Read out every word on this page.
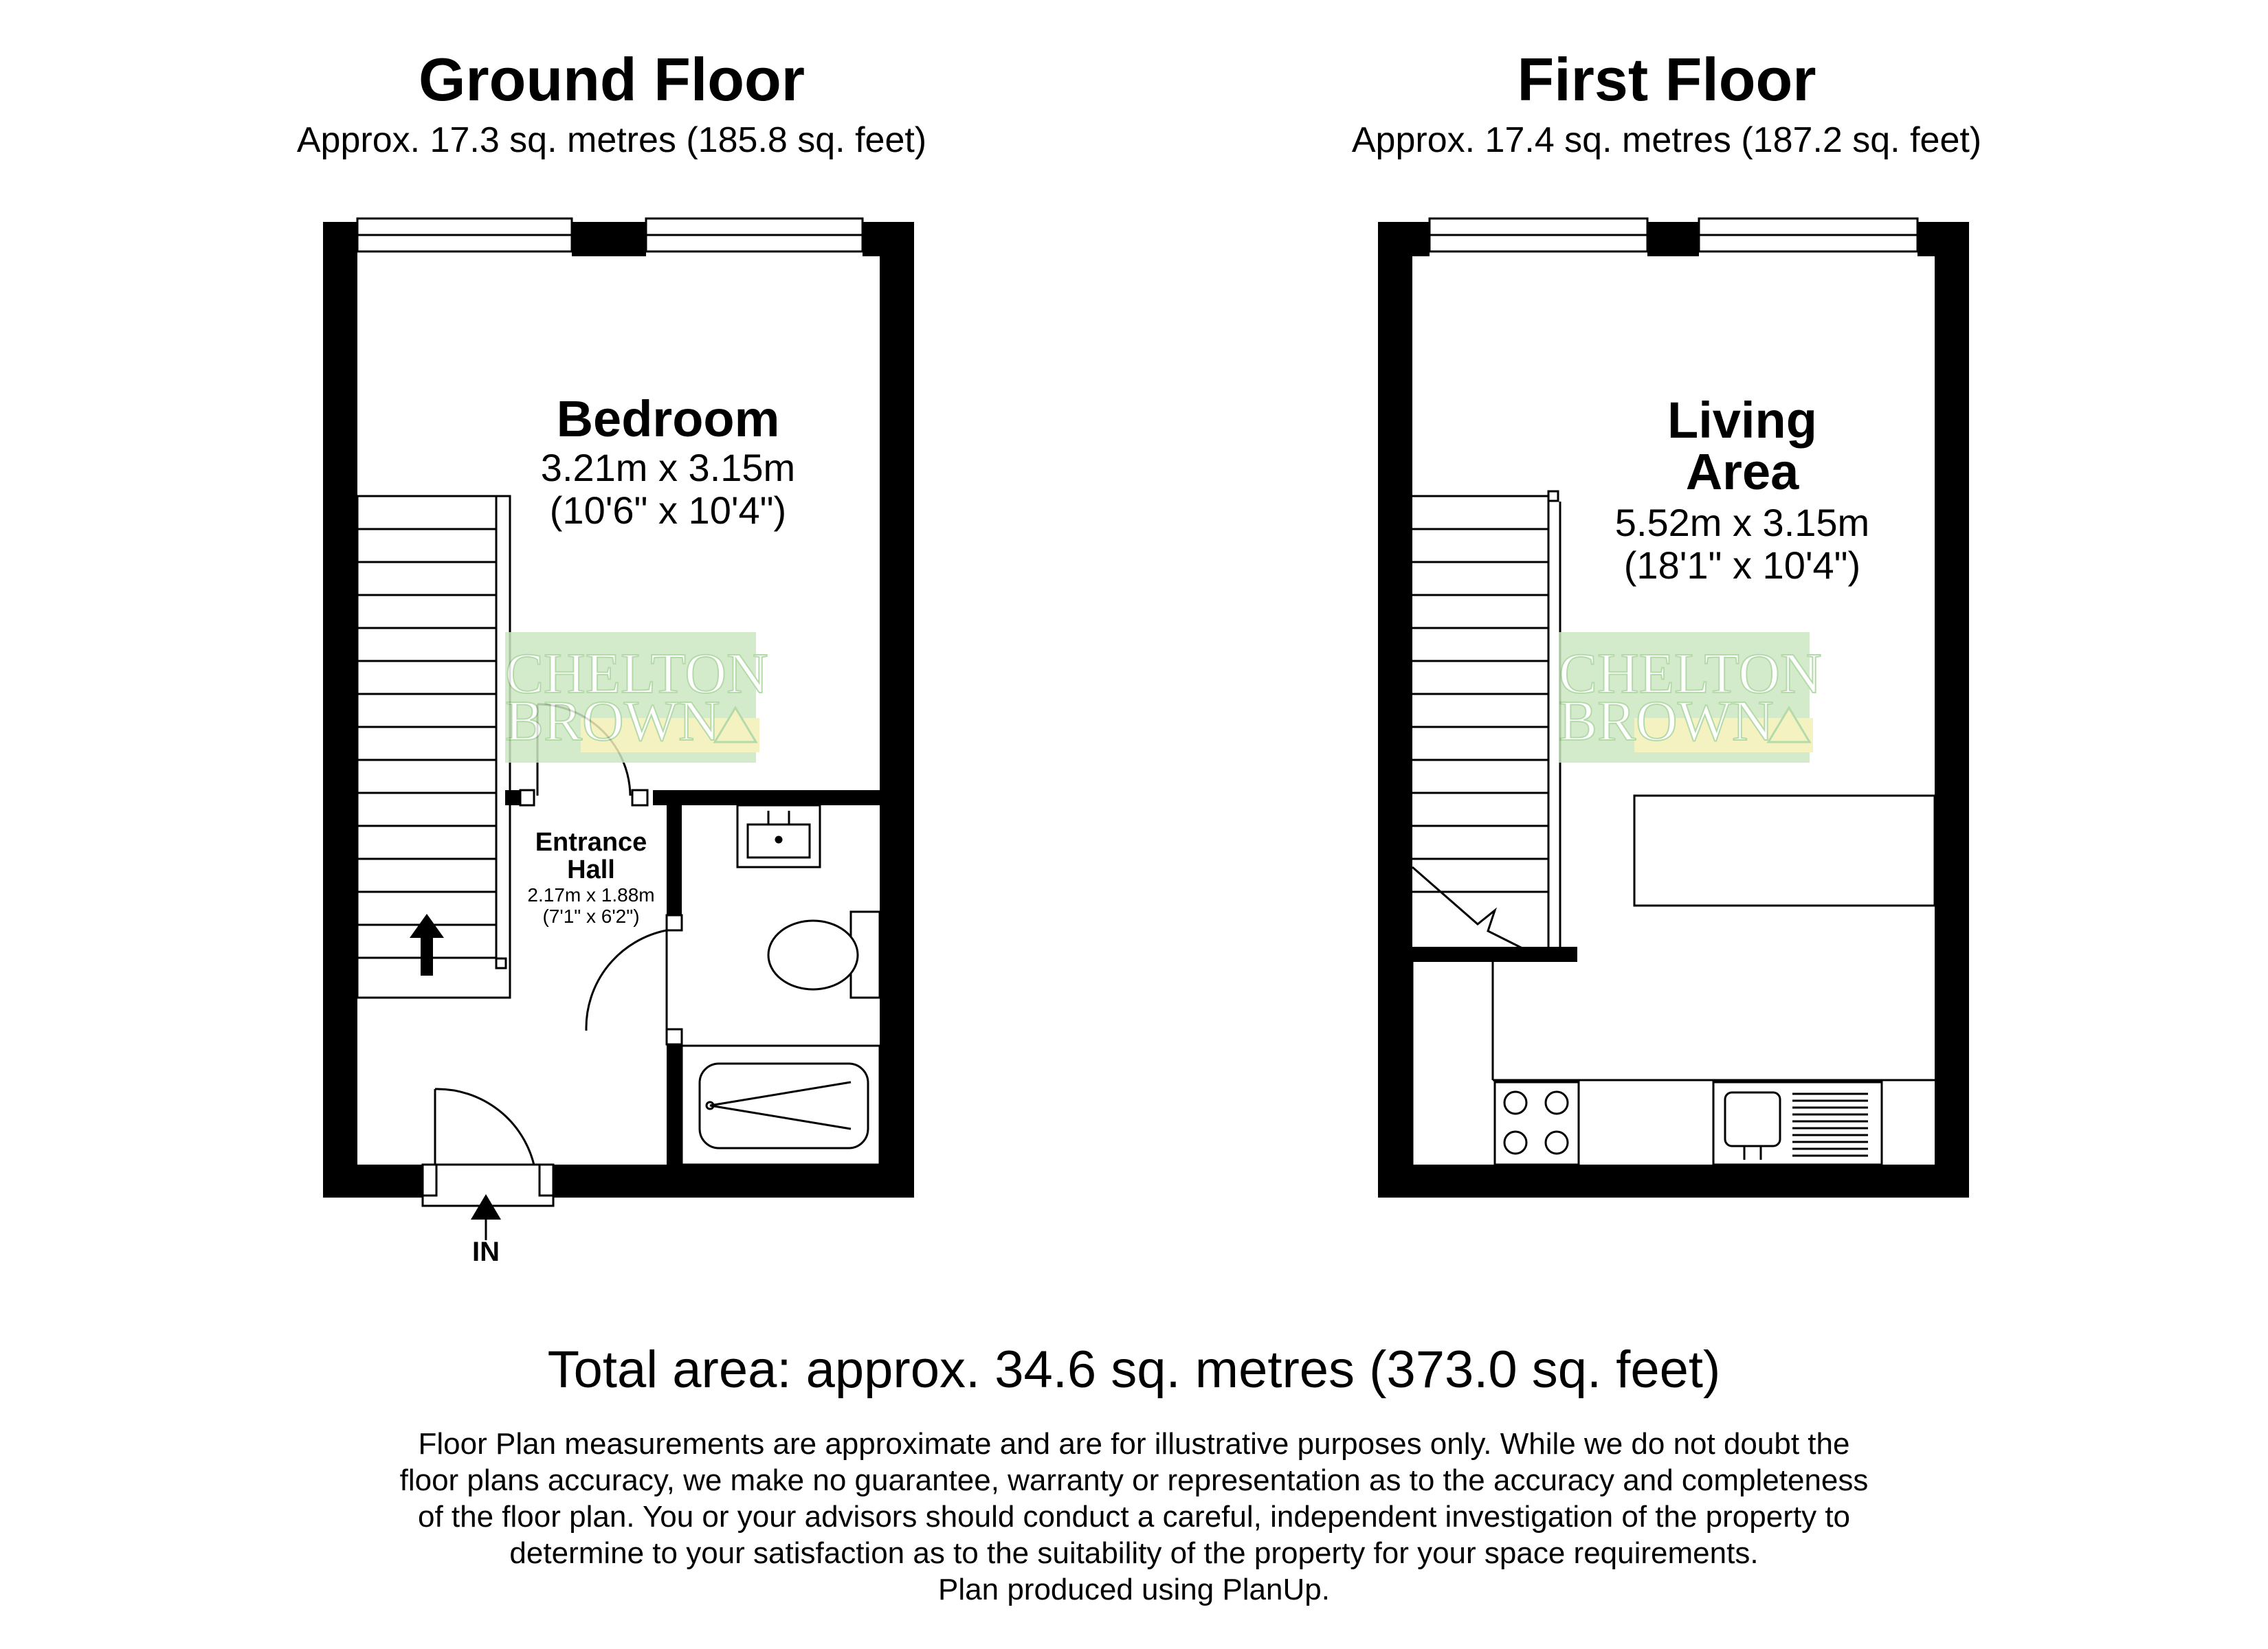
Ground Floor
Approx. 17.3 sq. metres (185.8 sq. feet)
First Floor
Approx. 17.4 sq. metres (187.2 sq. feet)
CHELTON
BROWN
Bedroom
3.21m x 3.15m
(10'6" x 10'4")
Entrance
Hall
2.17m x 1.88m
(7'1" x 6'2")
IN
CHELTON
BROWN
Living
Area
5.52m x 3.15m
(18'1" x 10'4")
Total area: approx. 34.6 sq. metres (373.0 sq. feet)
Floor Plan measurements are approximate and are for illustrative purposes only. While we do not doubt the floor plans accuracy, we make no guarantee, warranty or representation as to the accuracy and completeness of the floor plan. You or your advisors should conduct a careful, independent investigation of the property to determine to your satisfaction as to the suitability of the property for your space requirements.
Plan produced using PlanUp.
